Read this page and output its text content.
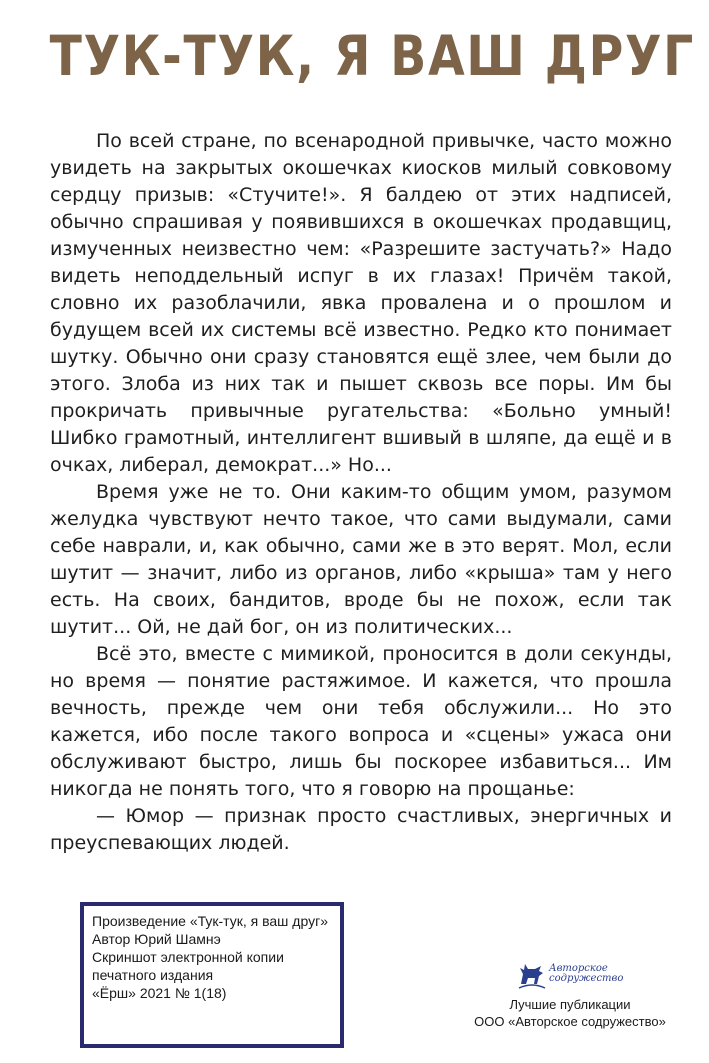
ТУК-ТУК, Я ВАШ ДРУГ

По всей стране, по всенародной привычке, часто можно увидеть на закрытых окошечках киосков милый совковому сердцу призыв: «Стучите!». Я балдею от этих надписей, обычно спрашивая у появившихся в окошечках продавщиц, измученных неизвестно чем: «Разрешите застучать?» Надо видеть неподдельный испуг в их глазах! Причём такой, словно их разоблачили, явка провалена и о прошлом и будущем всей их системы всё известно. Редко кто понимает шутку. Обычно они сразу становятся ещё злее, чем были до этого. Злоба из них так и пышет сквозь все поры. Им бы прокричать привычные ругательства: «Больно умный! Шибко грамотный, интеллигент вшивый в шляпе, да ещё и в очках, либерал, демократ...» Но...

Время уже не то. Они каким-то общим умом, разумом желудка чувствуют нечто такое, что сами выдумали, сами себе наврали, и, как обычно, сами же в это верят. Мол, если шутит — значит, либо из органов, либо «крыша» там у него есть. На своих, бандитов, вроде бы не похож, если так шутит... Ой, не дай бог, он из политических...

Всё это, вместе с мимикой, проносится в доли секунды, но время — понятие растяжимое. И кажется, что прошла вечность, прежде чем они тебя обслужили... Но это кажется, ибо после такого вопроса и «сцены» ужаса они обслуживают быстро, лишь бы поскорее избавиться... Им никогда не понять того, что я говорю на прощанье:

— Юмор — признак просто счастливых, энергичных и преуспевающих людей.

Произведение «Тук-тук, я ваш друг»
Автор Юрий Шамнэ
Скриншот электронной копии
печатного издания
«Ёрш» 2021 № 1(18)
Авторское
содружество
Лучшие публикации
ООО «Авторское содружество»
